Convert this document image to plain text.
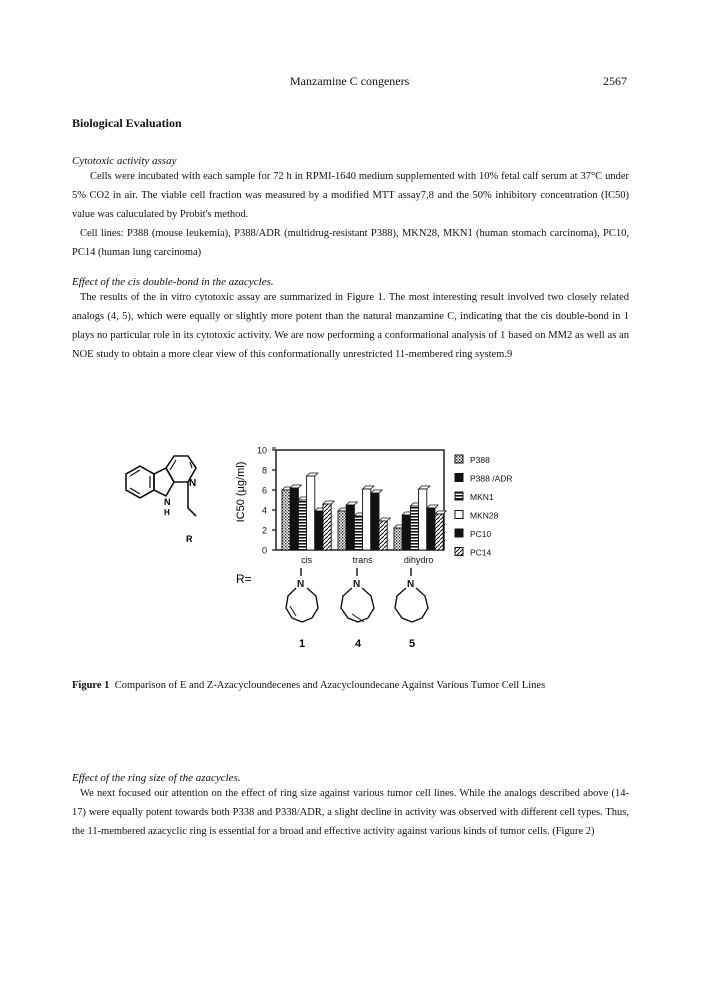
Manzamine C congeners	2567
Biological Evaluation
Cytotoxic activity assay

Cells were incubated with each sample for 72 h in RPMI-1640 medium supplemented with 10% fetal calf serum at 37°C under 5% CO2 in air. The viable cell fraction was measured by a modified MTT assay7,8 and the 50% inhibitory concentration (IC50) value was caluculated by Probit's method.

Cell lines: P388 (mouse leukemia), P388/ADR (multidrug-resistant P388), MKN28, MKN1 (human stomach carcinoma), PC10, PC14 (human lung carcinoma)

Effect of the cis double-bond in the azacycles.

The results of the in vitro cytotoxic assay are summarized in Figure 1. The most interesting result involved two closely related analogs (4, 5), which were equally or slightly more potent than the natural manzamine C, indicating that the cis double-bond in 1 plays no particular role in its cytotoxic activity. We are now performing a conformational analysis of 1 based on MM2 as well as an NOE study to obtain a more clear view of this conformationally unrestricted 11-membered ring system.9

N
N
H
R
0
2
4
6
8
10
cis	trans	dihydro
P388
P388 /ADR
MKN1
MKN28
PC10
PC14
IC50 (µg/ml)
R=	N	N	N
1	4	5
Figure 1 Comparison of E and Z-Azacycloundecenes and Azacycloundecane Against Various Tumor Cell Lines
Effect of the ring size of the azacycles.

We next focused our attention on the effect of ring size against various tumor cell lines. While the analogs described above (14-17) were equally potent towards both P338 and P338/ADR, a slight decline in activity was observed with different cell types. Thus, the 11-membered azacyclic ring is essential for a broad and effective activity against various kinds of tumor cells. (Figure 2)
